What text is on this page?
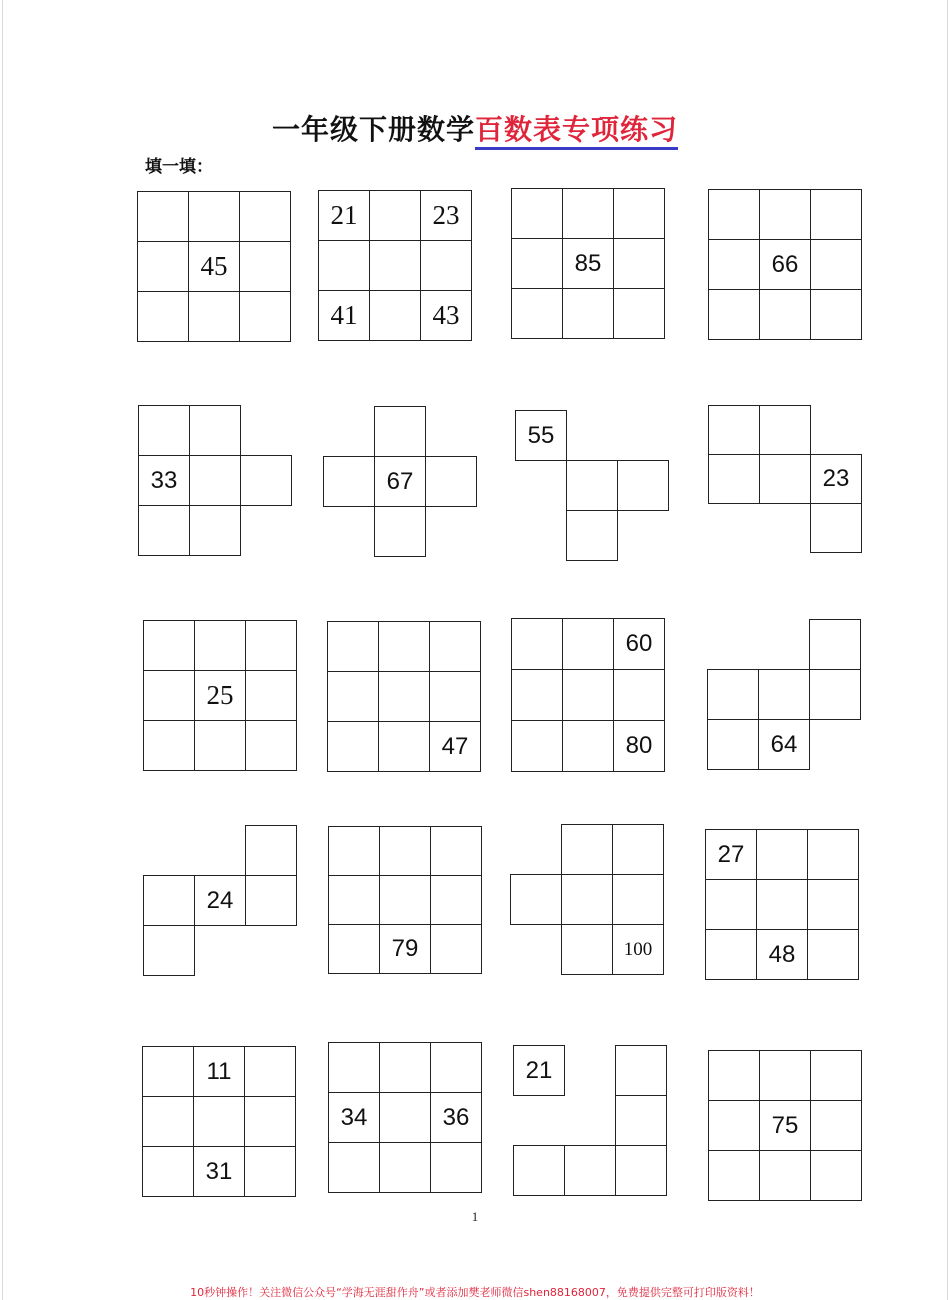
一年级下册数学百数表专项练习
填一填：
45
21	23
41	43
85	66
33	67
55
23
25
47
60
80	64
24
79	100
27
48
11
31
34	36
21
75
1
10秒钟操作！关注微信公众号“学海无涯甜作舟”或者添加樊老师微信shen88168007，免费提供完整可打印版资料！
